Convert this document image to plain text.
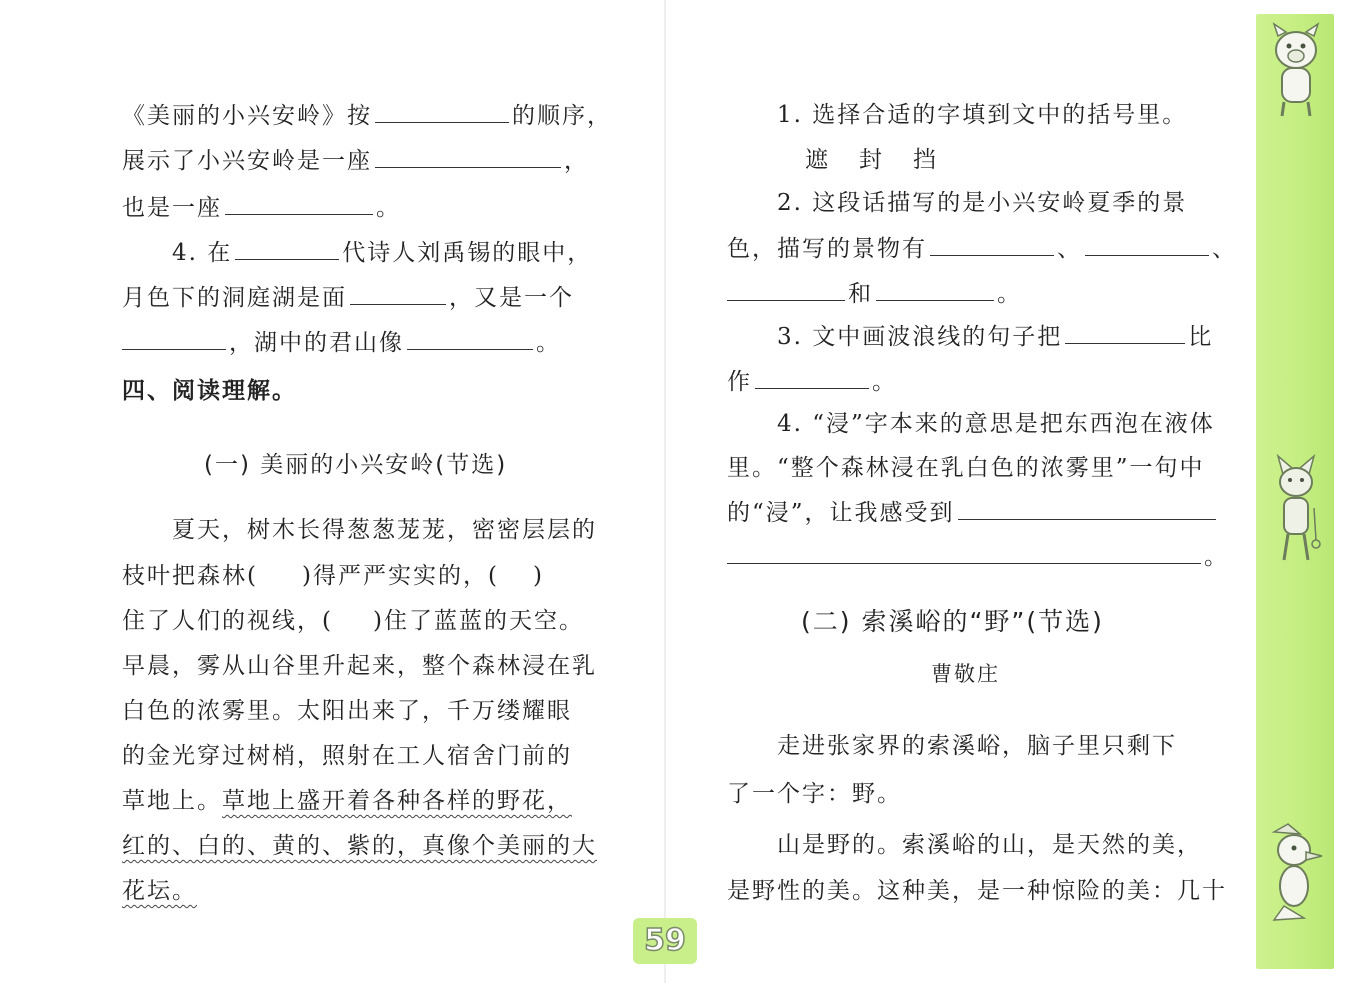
《美丽的小兴安岭》按	的顺序，
展示了小兴安岭是一座	，
也是一座	。
4. 在	代诗人刘禹锡的眼中，
月色下的洞庭湖是面	，又是一个
，湖中的君山像	。
四、阅读理解。
(一) 美丽的小兴安岭(节选)
夏天，树木长得葱葱茏茏，密密层层的
枝叶把森林( )得严严实实的，( )
住了人们的视线，( )住了蓝蓝的天空。
早晨，雾从山谷里升起来，整个森林浸在乳
白色的浓雾里。太阳出来了，千万缕耀眼
的金光穿过树梢，照射在工人宿舍门前的
草地上。草地上盛开着各种各样的野花，
红的、白的、黄的、紫的，真像个美丽的大
花坛。
1. 选择合适的字填到文中的括号里。
遮　封　挡
2. 这段话描写的是小兴安岭夏季的景
色，描写的景物有	、	、
和	。
3. 文中画波浪线的句子把	比
作	。
4. “浸”字本来的意思是把东西泡在液体
里。“整个森林浸在乳白色的浓雾里”一句中
的“浸”，让我感受到
。
(二) 索溪峪的“野”(节选)
曹敬庄
走进张家界的索溪峪，脑子里只剩下
了一个字：野。
山是野的。索溪峪的山，是天然的美，
是野性的美。这种美，是一种惊险的美：几十
59
